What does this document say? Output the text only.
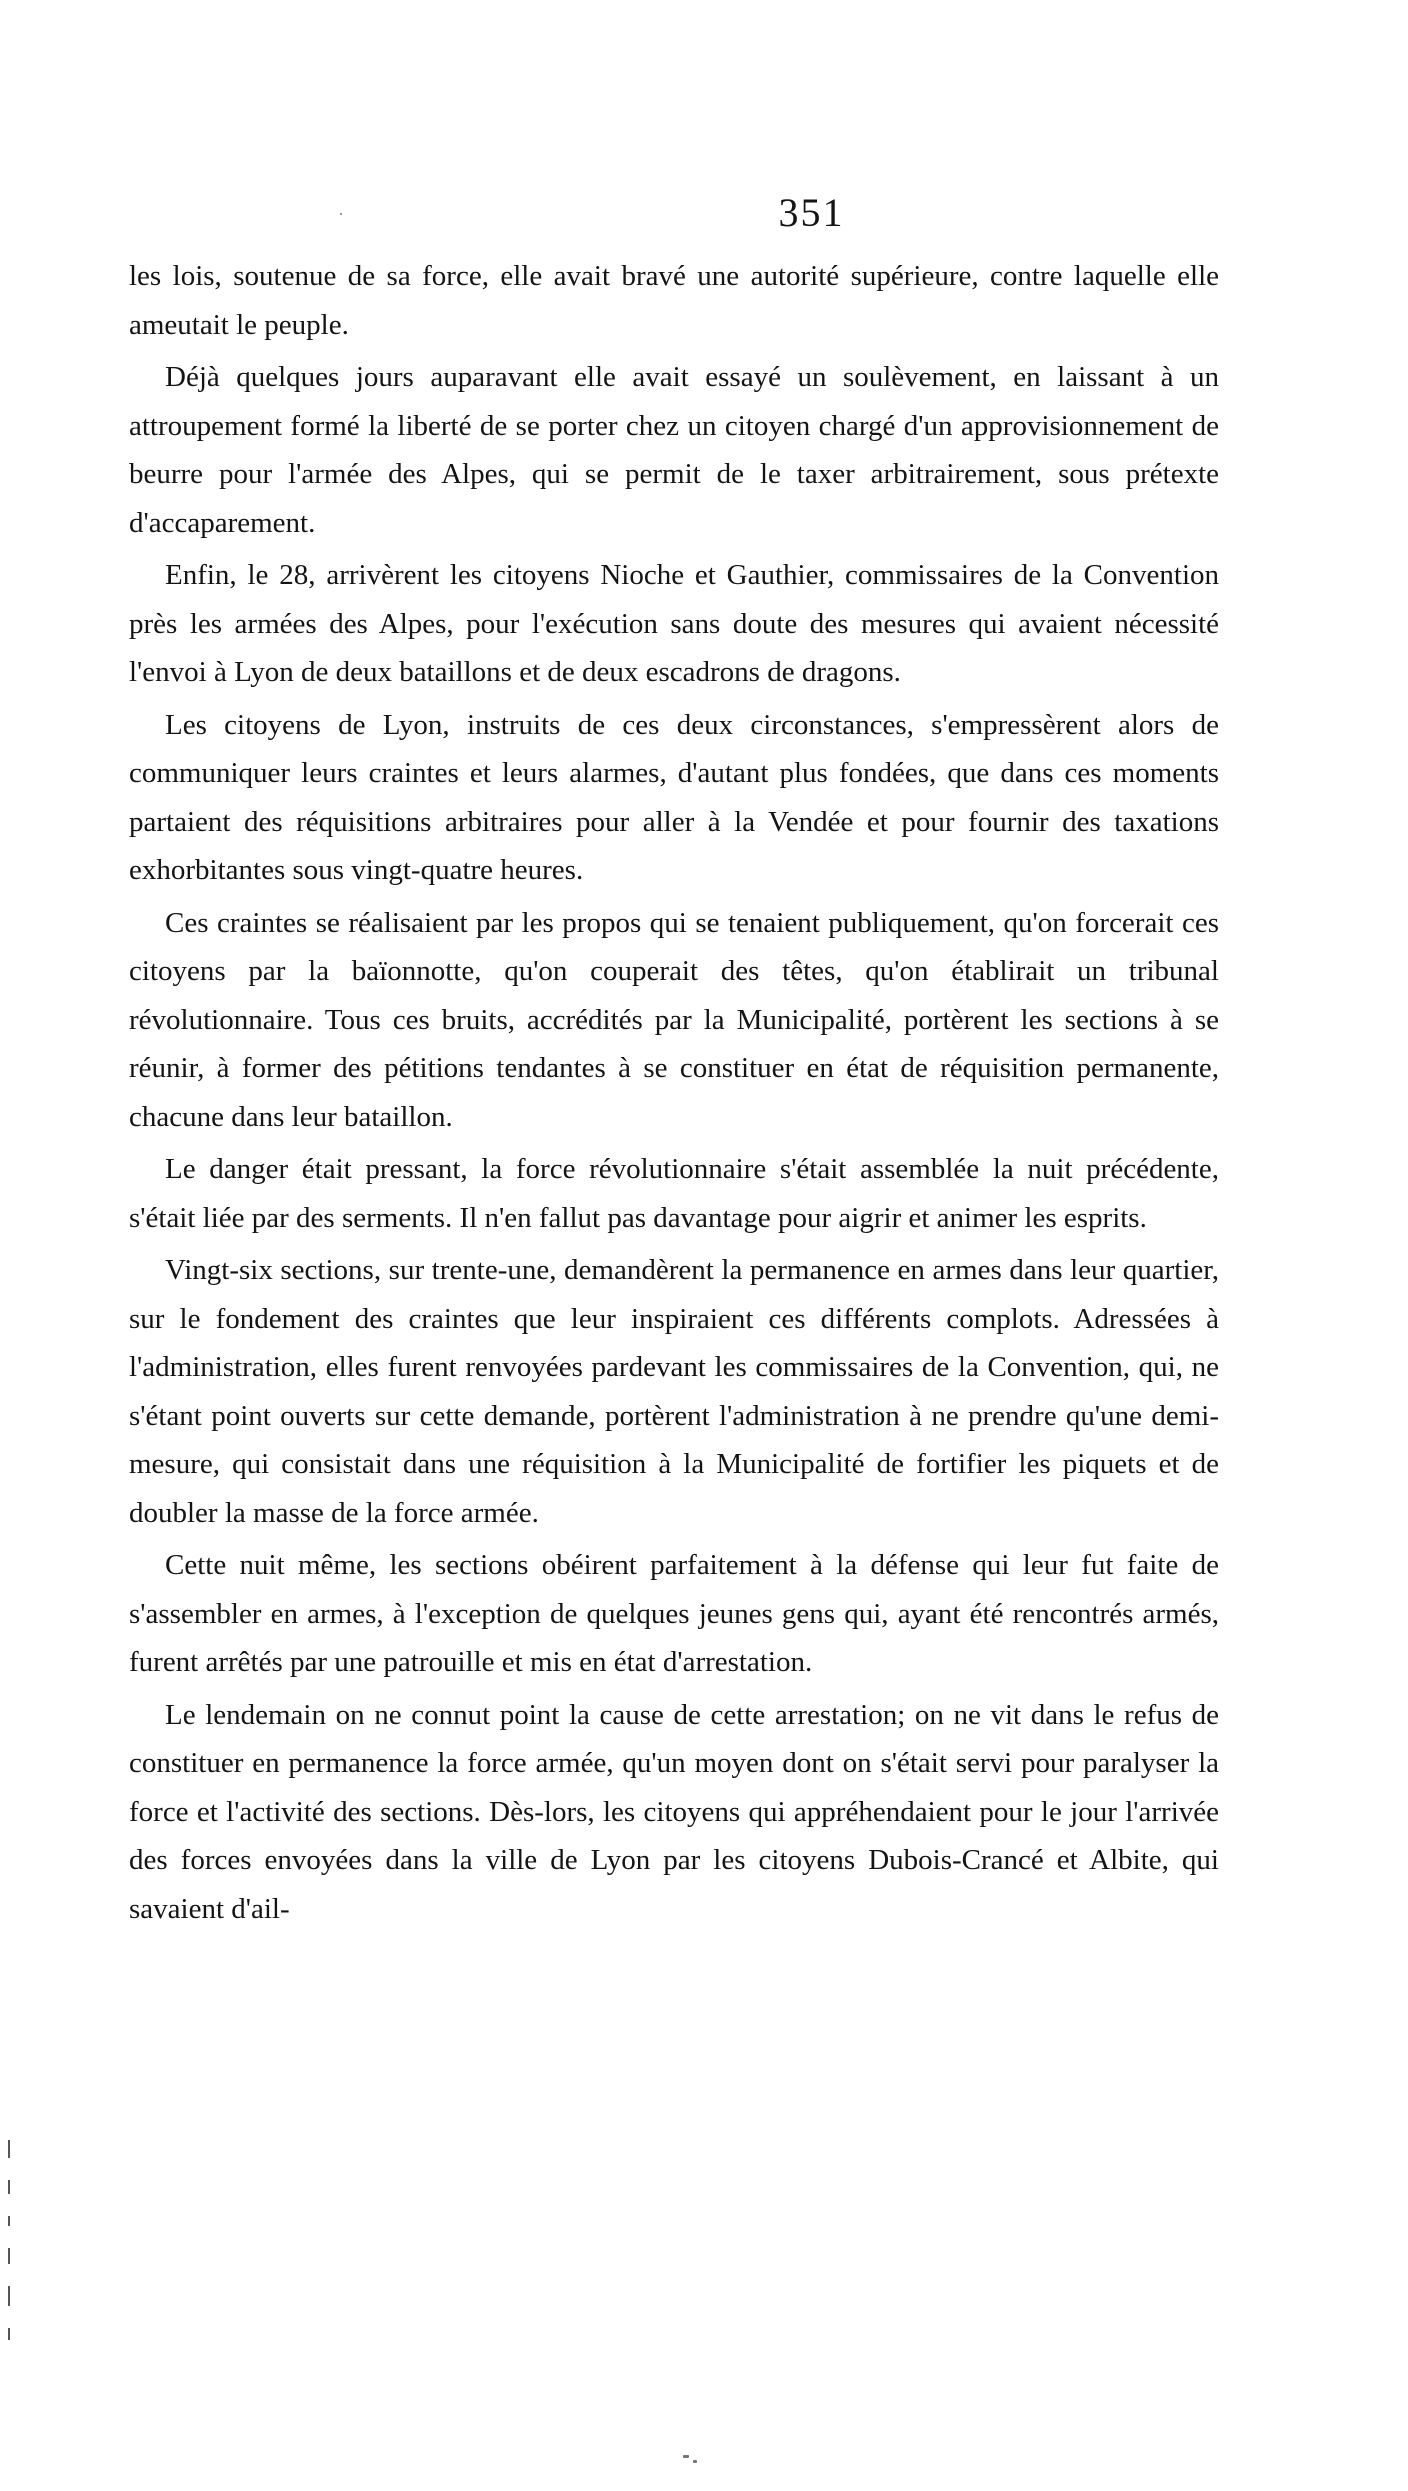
351

les lois, soutenue de sa force, elle avait bravé une autorité supérieure, contre laquelle elle ameutait le peuple.

Déjà quelques jours auparavant elle avait essayé un soulèvement, en laissant à un attroupement formé la liberté de se porter chez un citoyen chargé d'un approvisionnement de beurre pour l'armée des Alpes, qui se permit de le taxer arbitrairement, sous prétexte d'accaparement.

Enfin, le 28, arrivèrent les citoyens Nioche et Gauthier, commissaires de la Convention près les armées des Alpes, pour l'exécution sans doute des mesures qui avaient nécessité l'envoi à Lyon de deux bataillons et de deux escadrons de dragons.

Les citoyens de Lyon, instruits de ces deux circonstances, s'empressèrent alors de communiquer leurs craintes et leurs alarmes, d'autant plus fondées, que dans ces moments partaient des réquisitions arbitraires pour aller à la Vendée et pour fournir des taxations exhorbitantes sous vingt-quatre heures.

Ces craintes se réalisaient par les propos qui se tenaient publiquement, qu'on forcerait ces citoyens par la baïonnotte, qu'on couperait des têtes, qu'on établirait un tribunal révolutionnaire. Tous ces bruits, accrédités par la Municipalité, portèrent les sections à se réunir, à former des pétitions tendantes à se constituer en état de réquisition permanente, chacune dans leur bataillon.

Le danger était pressant, la force révolutionnaire s'était assemblée la nuit précédente, s'était liée par des serments. Il n'en fallut pas davantage pour aigrir et animer les esprits.

Vingt-six sections, sur trente-une, demandèrent la permanence en armes dans leur quartier, sur le fondement des craintes que leur inspiraient ces différents complots. Adressées à l'administration, elles furent renvoyées pardevant les commissaires de la Convention, qui, ne s'étant point ouverts sur cette demande, portèrent l'administration à ne prendre qu'une demi-mesure, qui consistait dans une réquisition à la Municipalité de fortifier les piquets et de doubler la masse de la force armée.

Cette nuit même, les sections obéirent parfaitement à la défense qui leur fut faite de s'assembler en armes, à l'exception de quelques jeunes gens qui, ayant été rencontrés armés, furent arrêtés par une patrouille et mis en état d'arrestation.

Le lendemain on ne connut point la cause de cette arrestation; on ne vit dans le refus de constituer en permanence la force armée, qu'un moyen dont on s'était servi pour paralyser la force et l'activité des sections. Dès-lors, les citoyens qui appréhendaient pour le jour l'arrivée des forces envoyées dans la ville de Lyon par les citoyens Dubois-Crancé et Albite, qui savaient d'ail-
